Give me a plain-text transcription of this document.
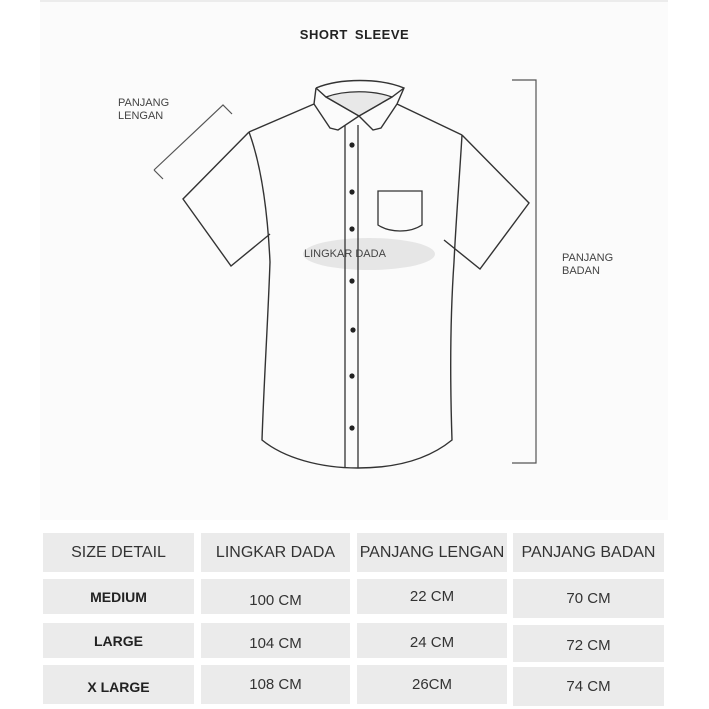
SHORT SLEEVE
PANJANG
LENGAN
PANJANG
BADAN
LINGKAR DADA
SIZE DETAIL	LINGKAR DADA	PANJANG LENGAN	PANJANG BADAN
MEDIUM	100 CM	22 CM	70 CM
LARGE	104 CM	24 CM	72 CM
X LARGE	108 CM	26CM	74 CM
